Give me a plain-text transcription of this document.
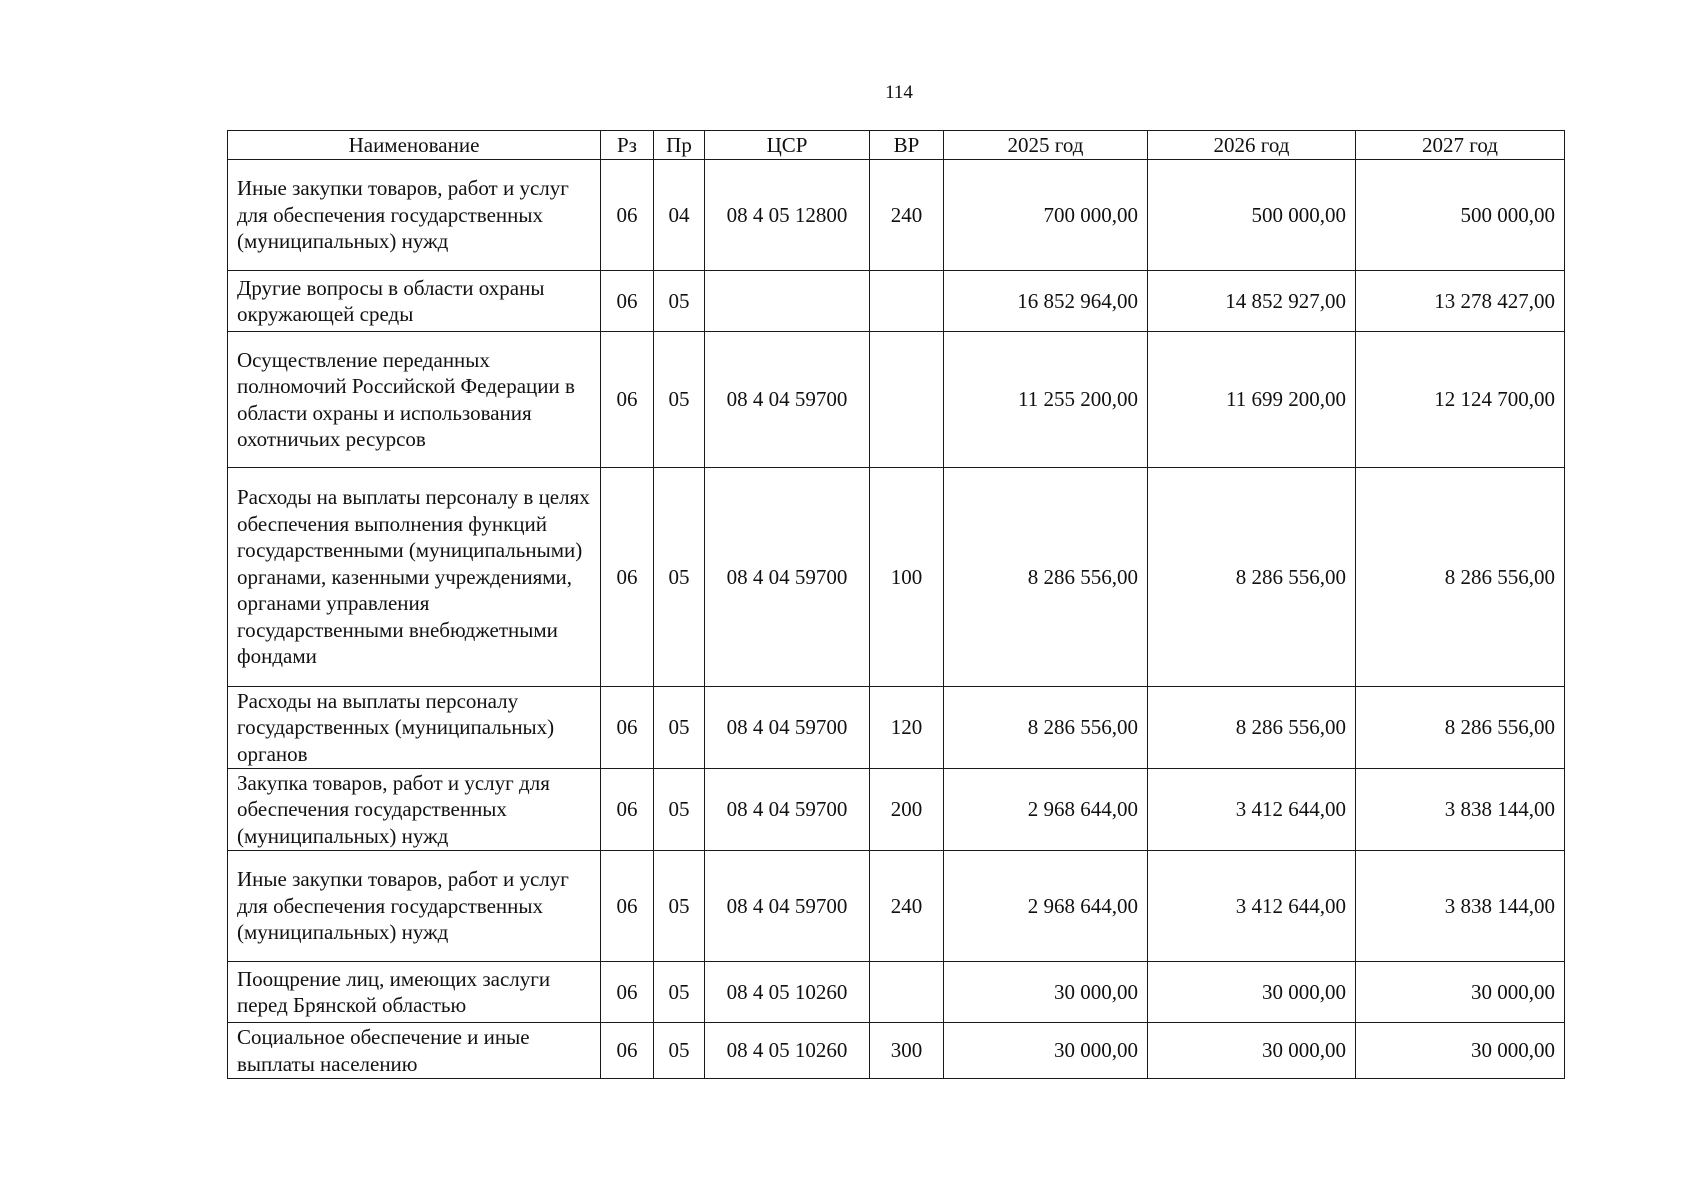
114
Наименование	Рз	Пр	ЦСР	ВР	2025 год	2026 год	2027 год
Иные закупки товаров, работ и услуг для обеспечения государственных (муниципальных) нужд	06	04	08 4 05 12800	240	700 000,00	500 000,00	500 000,00
Другие вопросы в области охраны окружающей среды	06	05			16 852 964,00	14 852 927,00	13 278 427,00
Осуществление переданных полномочий Российской Федерации в области охраны и использования охотничьих ресурсов	06	05	08 4 04 59700		11 255 200,00	11 699 200,00	12 124 700,00
Расходы на выплаты персоналу в целях обеспечения выполнения функций государственными (муниципальными) органами, казенными учреждениями, органами управления государственными внебюджетными фондами	06	05	08 4 04 59700	100	8 286 556,00	8 286 556,00	8 286 556,00
Расходы на выплаты персоналу государственных (муниципальных) органов	06	05	08 4 04 59700	120	8 286 556,00	8 286 556,00	8 286 556,00
Закупка товаров, работ и услуг для обеспечения государственных (муниципальных) нужд	06	05	08 4 04 59700	200	2 968 644,00	3 412 644,00	3 838 144,00
Иные закупки товаров, работ и услуг для обеспечения государственных (муниципальных) нужд	06	05	08 4 04 59700	240	2 968 644,00	3 412 644,00	3 838 144,00
Поощрение лиц, имеющих заслуги перед Брянской областью	06	05	08 4 05 10260		30 000,00	30 000,00	30 000,00
Социальное обеспечение и иные выплаты населению	06	05	08 4 05 10260	300	30 000,00	30 000,00	30 000,00
